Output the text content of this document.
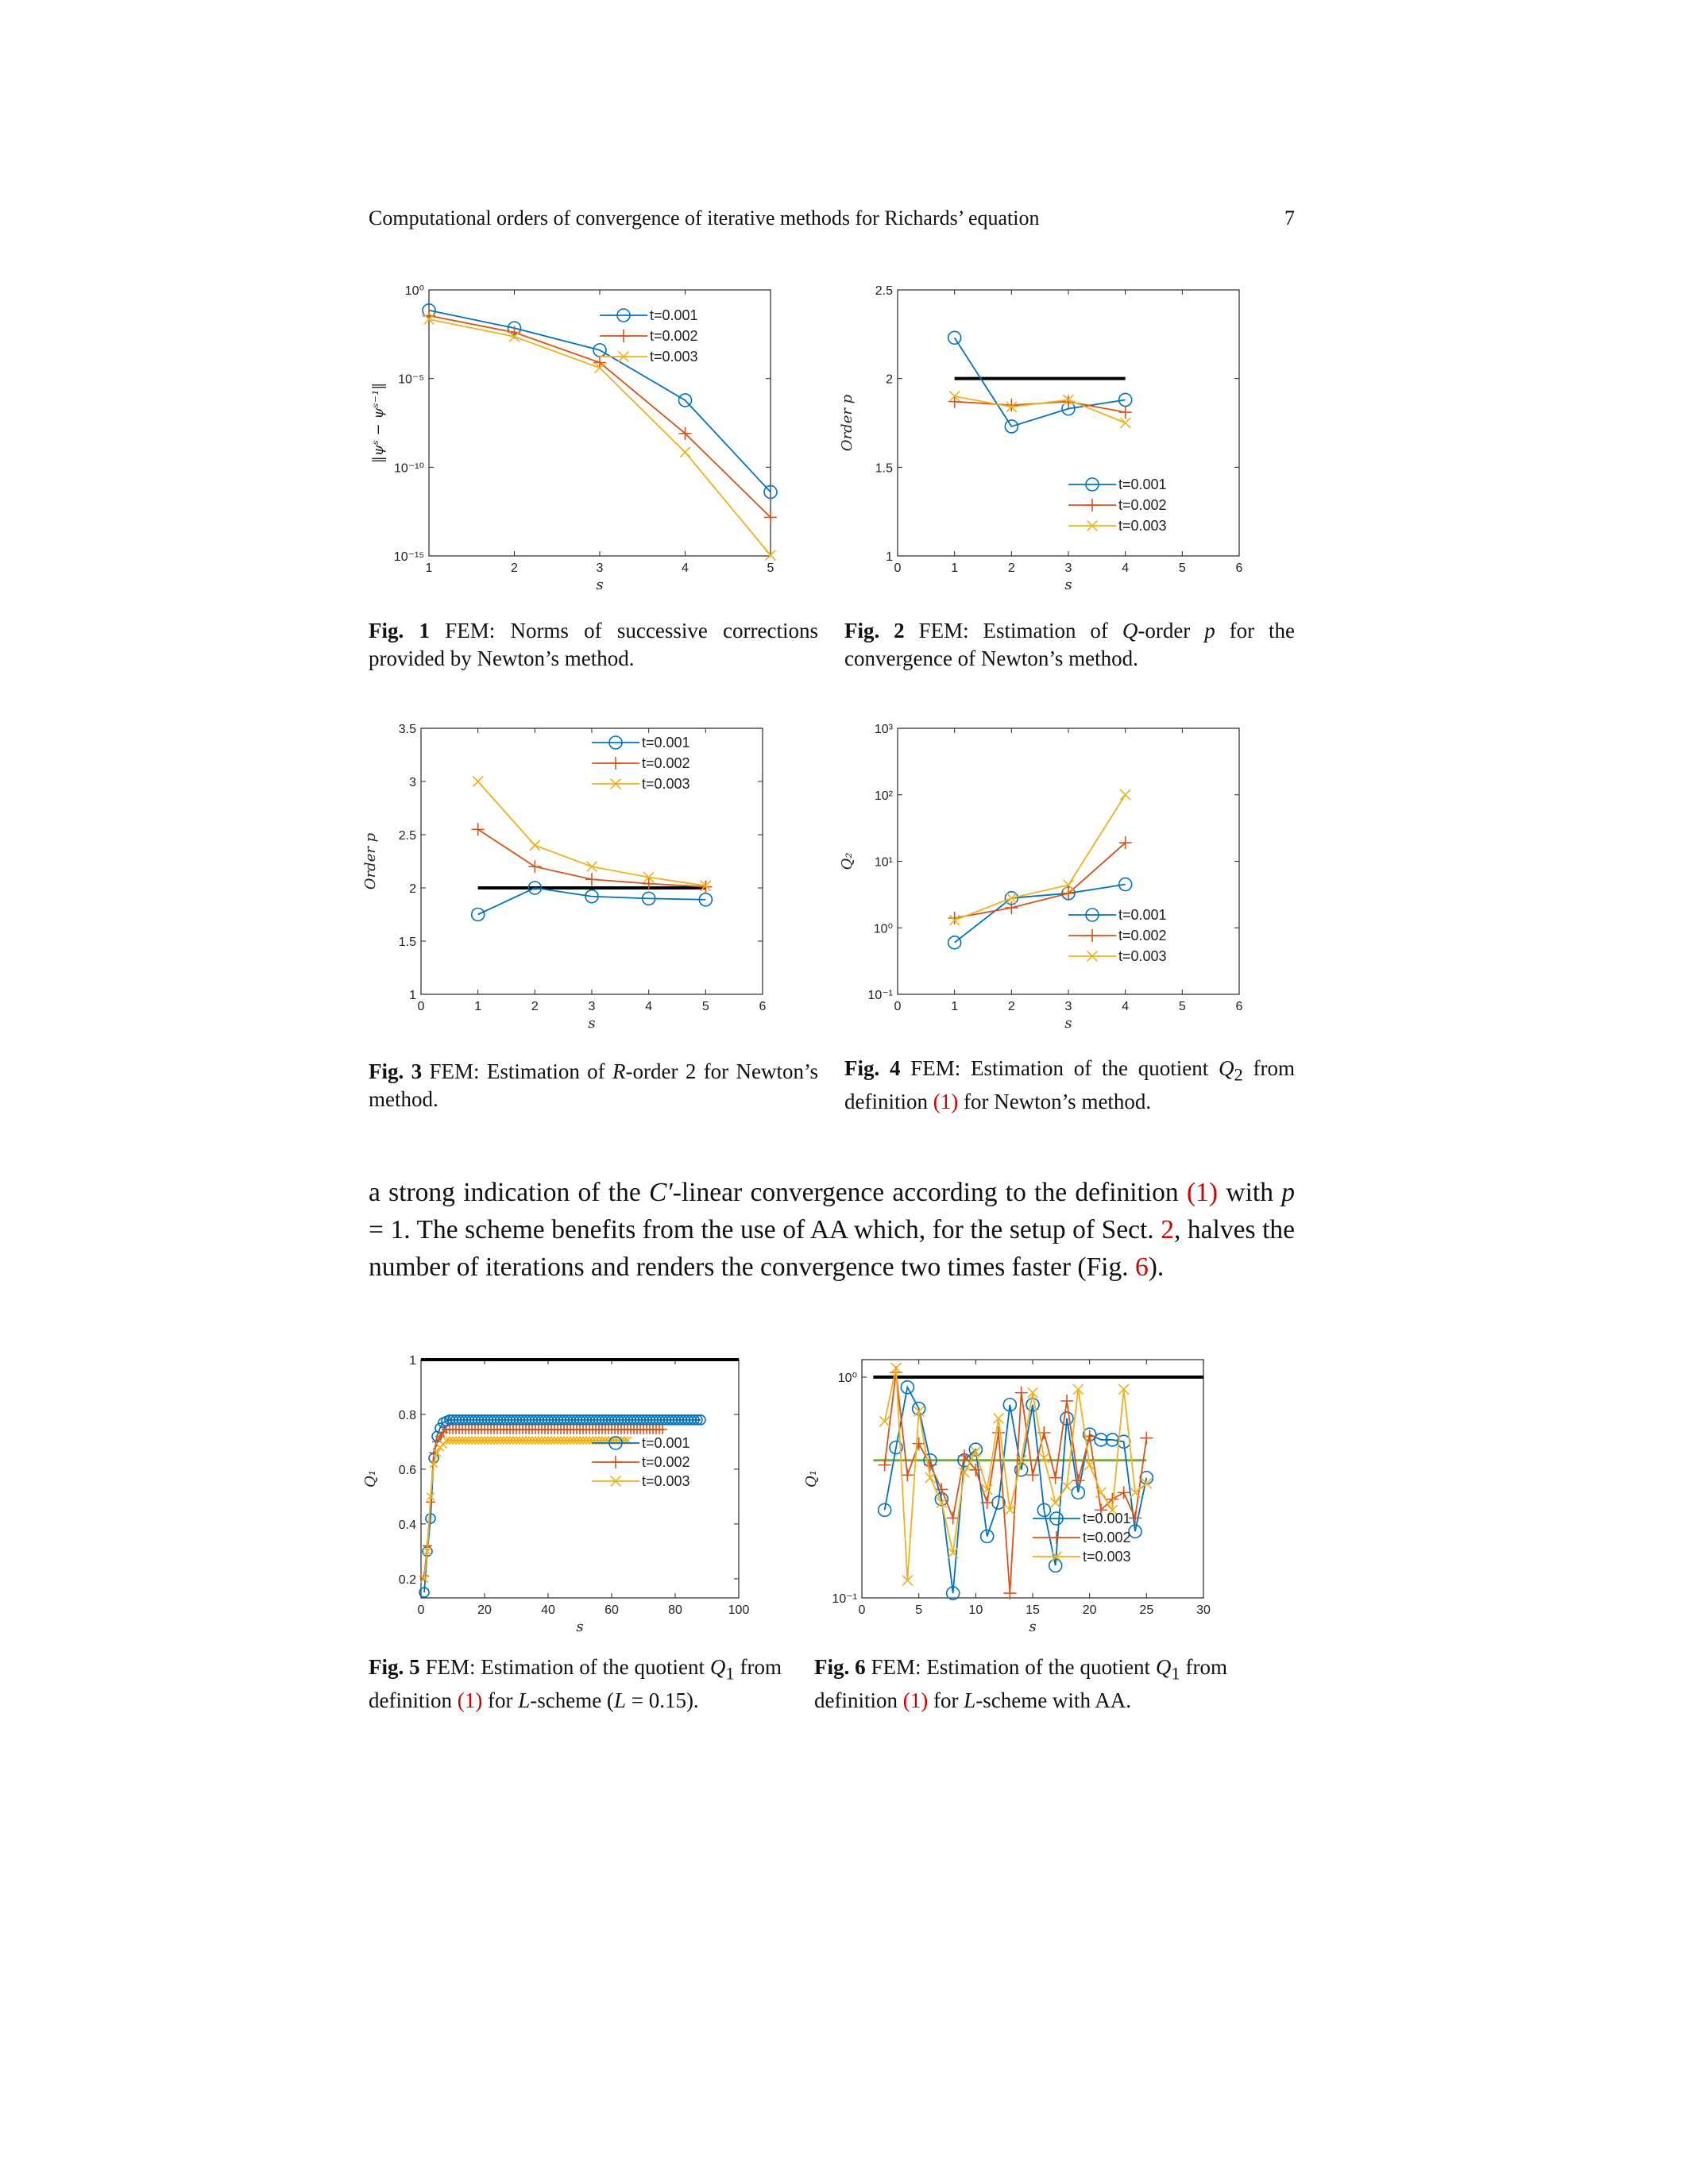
Computational orders of convergence of iterative methods for Richards’ equation	7
1	2	3	4	5
10⁰
10⁻⁵
10⁻¹⁰
10⁻¹⁵
s
‖ψˢ − ψˢ⁻¹‖
t=0.001
t=0.002
t=0.003
0	1	2	3	4	5	6
1
1.5
2
2.5
s
Order p
t=0.001
t=0.002
t=0.003
0	1	2	3	4	5	6
1
1.5
2
2.5
3
3.5
s
Order p
t=0.001
t=0.002
t=0.003
0	1	2	3	4	5	6
10⁻¹
10⁰
10¹
10²
10³
s
Q₂
t=0.001
t=0.002
t=0.003
0	20	40	60	80	100
0.2
0.4
0.6
0.8
1
s
Q₁
t=0.001
t=0.002
t=0.003
0	5	10	15	20	25	30
10⁻¹
10⁰
s
Q₁
t=0.001
t=0.002
t=0.003
Fig. 1 FEM: Norms of successive corrections provided by Newton’s method.
Fig. 2 FEM: Estimation of Q-order p for the convergence of Newton’s method.
Fig. 3 FEM: Estimation of R-order 2 for Newton’s method.
Fig. 4 FEM: Estimation of the quotient $Q_2$ from definition (1) for Newton’s method.
Fig. 5 FEM: Estimation of the quotient $Q_1$ from definition (1) for L-scheme (L = 0.15).
Fig. 6 FEM: Estimation of the quotient $Q_1$ from definition (1) for L-scheme with AA.
a strong indication of the C′-linear convergence according to the definition (1) with p = 1. The scheme benefits from the use of AA which, for the setup of Sect. 2, halves the number of iterations and renders the convergence two times faster (Fig. 6).
